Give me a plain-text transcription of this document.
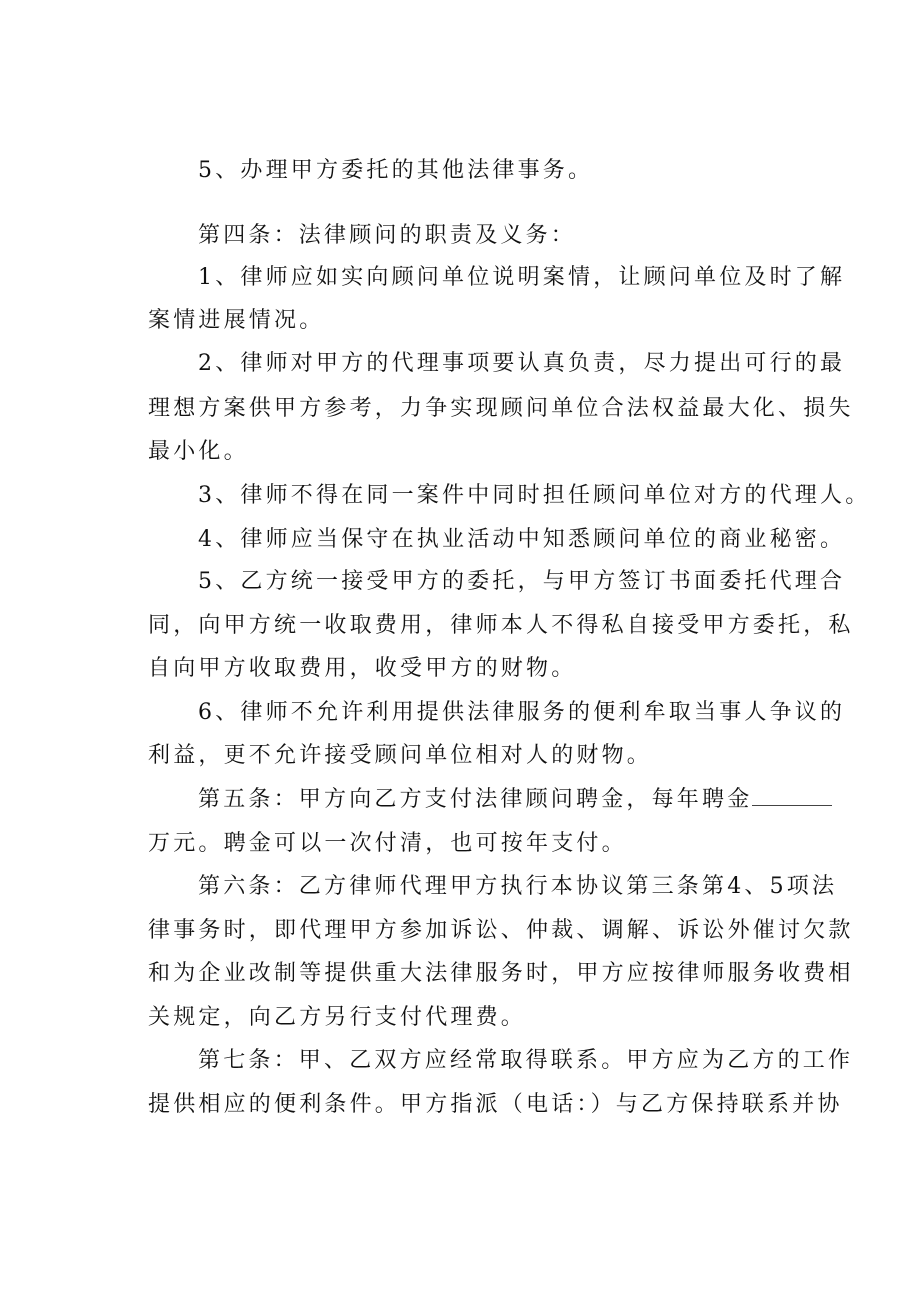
5、办理甲方委托的其他法律事务。
第四条：法律顾问的职责及义务：
1、律师应如实向顾问单位说明案情，让顾问单位及时了解
案情进展情况。
2、律师对甲方的代理事项要认真负责，尽力提出可行的最
理想方案供甲方参考，力争实现顾问单位合法权益最大化、损失
最小化。
3、律师不得在同一案件中同时担任顾问单位对方的代理人。
4、律师应当保守在执业活动中知悉顾问单位的商业秘密。
5、乙方统一接受甲方的委托，与甲方签订书面委托代理合
同，向甲方统一收取费用，律师本人不得私自接受甲方委托，私
自向甲方收取费用，收受甲方的财物。
6、律师不允许利用提供法律服务的便利牟取当事人争议的
利益，更不允许接受顾问单位相对人的财物。
第五条：甲方向乙方支付法律顾问聘金，每年聘金
万元。聘金可以一次付清，也可按年支付。
第六条：乙方律师代理甲方执行本协议第三条第4、5项法
律事务时，即代理甲方参加诉讼、仲裁、调解、诉讼外催讨欠款
和为企业改制等提供重大法律服务时，甲方应按律师服务收费相
关规定，向乙方另行支付代理费。
第七条：甲、乙双方应经常取得联系。甲方应为乙方的工作
提供相应的便利条件。甲方指派（电话：）与乙方保持联系并协
